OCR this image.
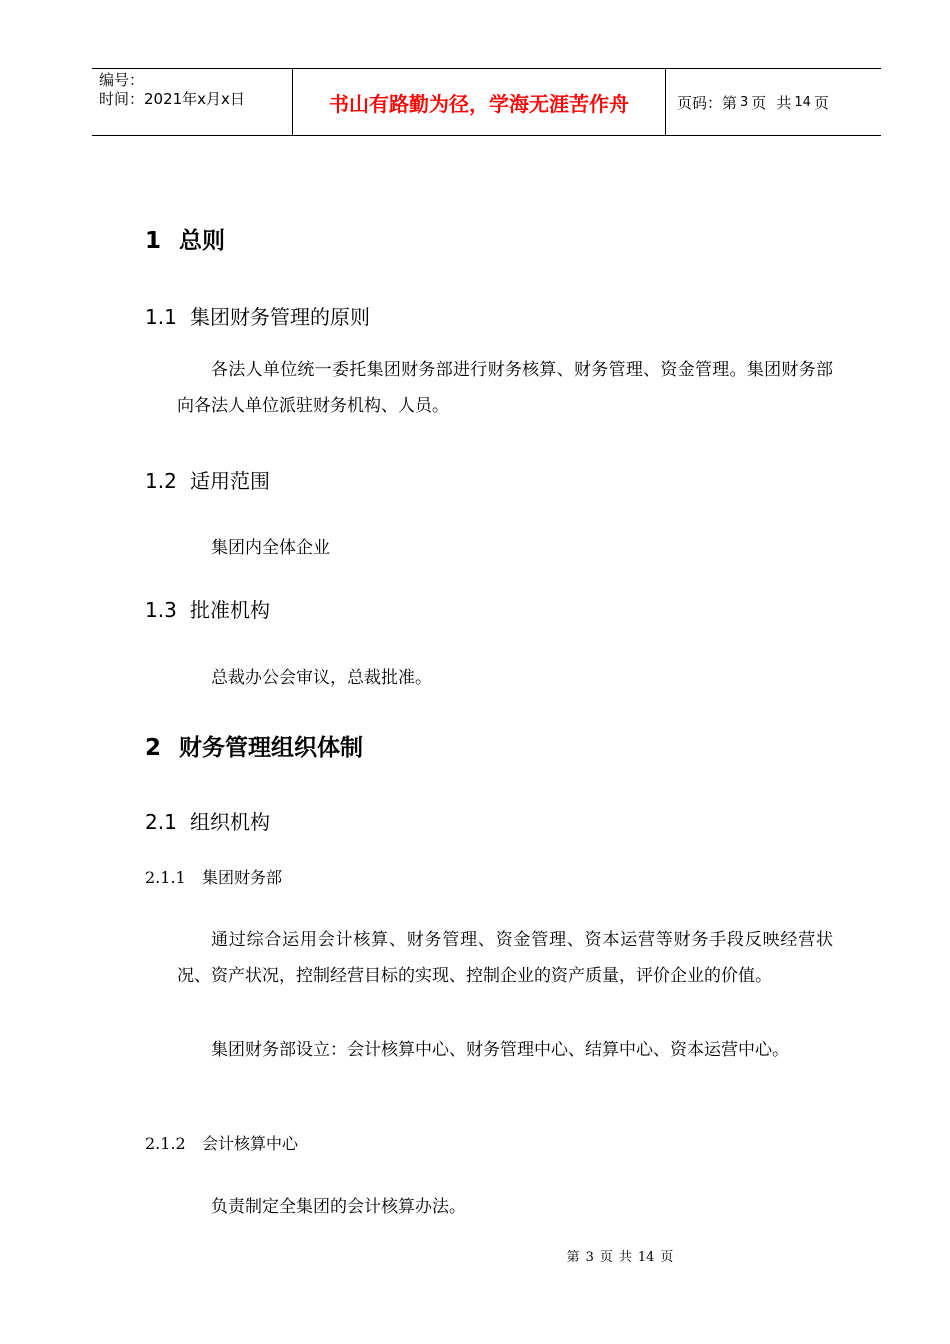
编号：
时间：2021年x月x日	书山有路勤为径，学海无涯苦作舟	页码：第 3 页 共 14 页
1 总则
1.1 集团财务管理的原则
各法人单位统一委托集团财务部进行财务核算、财务管理、资金管理。集团财务部向各法人单位派驻财务机构、人员。
1.2 适用范围
集团内全体企业
1.3 批准机构
总裁办公会审议，总裁批准。
2 财务管理组织体制
2.1 组织机构
2.1.1 集团财务部
通过综合运用会计核算、财务管理、资金管理、资本运营等财务手段反映经营状况、资产状况，控制经营目标的实现、控制企业的资产质量，评价企业的价值。
集团财务部设立：会计核算中心、财务管理中心、结算中心、资本运营中心。
2.1.2 会计核算中心
负责制定全集团的会计核算办法。
第 3 页 共 14 页
